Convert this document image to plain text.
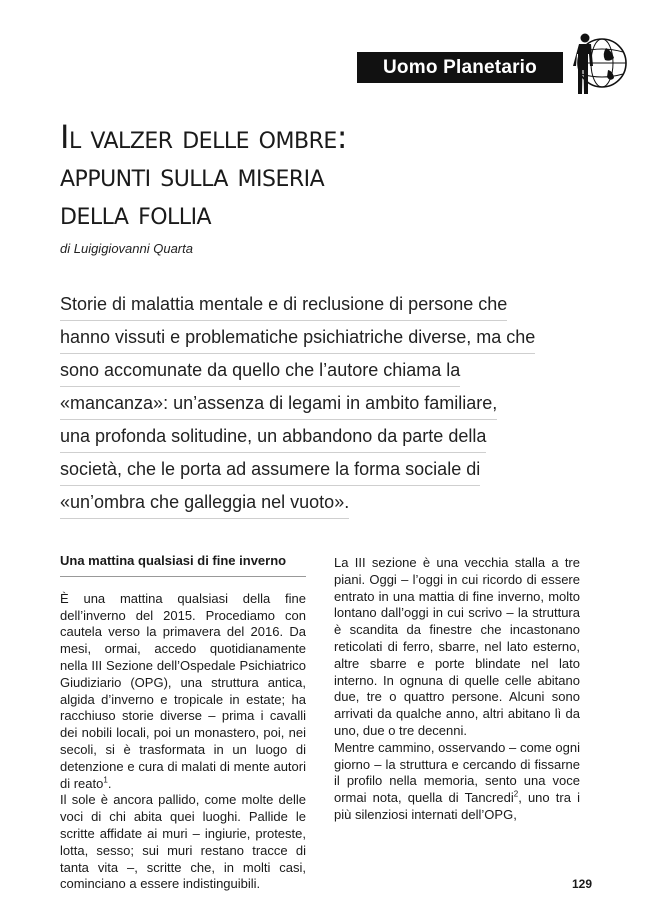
Uomo Planetario
Il valzer delle ombre:
appunti sulla miseria
della follia
di Luigigiovanni Quarta
Storie di malattia mentale e di reclusione di persone che
hanno vissuti e problematiche psichiatriche diverse, ma che
sono accomunate da quello che l’autore chiama la
«mancanza»: un’assenza di legami in ambito familiare,
una profonda solitudine, un abbandono da parte della
società, che le porta ad assumere la forma sociale di
«un’ombra che galleggia nel vuoto».
Una mattina qualsiasi di fine inverno

È una mattina qualsiasi della fine dell’inverno del 2015. Procediamo con cautela verso la primavera del 2016. Da mesi, ormai, accedo quotidianamente nella III Sezione dell’Ospedale Psichiatrico Giudiziario (OPG), una struttura antica, algida d’inverno e tropicale in estate; ha racchiuso storie diverse – prima i cavalli dei nobili locali, poi un monastero, poi, nei secoli, si è trasformata in un luogo di detenzione e cura di malati di mente autori di reato$^1$.

Il sole è ancora pallido, come molte delle voci di chi abita quei luoghi. Pallide le scritte affidate ai muri – ingiurie, proteste, lotta, sesso; sui muri restano tracce di tanta vita –, scritte che, in molti casi, cominciano a essere indistinguibili.

La III sezione è una vecchia stalla a tre piani. Oggi – l’oggi in cui ricordo di essere entrato in una mattia di fine inverno, molto lontano dall’oggi in cui scrivo – la struttura è scandita da finestre che incastonano reticolati di ferro, sbarre, nel lato esterno, altre sbarre e porte blindate nel lato interno. In ognuna di quelle celle abitano due, tre o quattro persone. Alcuni sono arrivati da qualche anno, altri abitano lì da uno, due o tre decenni.

Mentre cammino, osservando – come ogni giorno – la struttura e cercando di fissarne il profilo nella memoria, sento una voce ormai nota, quella di Tancredi$^2$, uno tra i più silenziosi internati dell’OPG,

129
